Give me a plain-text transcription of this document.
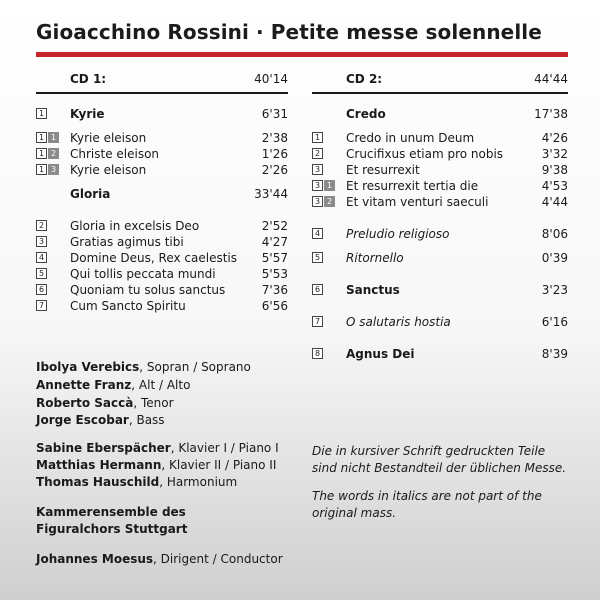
Gioacchino Rossini · Petite messe solennelle
CD 1:	40'14
1 Kyrie	6'31
1 1 Kyrie eleison	2'38
1 2 Christe eleison	1'26
1 3 Kyrie eleison	2'26
Gloria	33'44
2 Gloria in excelsis Deo	2'52
3 Gratias agimus tibi	4'27
4 Domine Deus, Rex caelestis 5'57
5 Qui tollis peccata mundi	5'53
6 Quoniam tu solus sanctus	7'36
7 Cum Sancto Spiritu	6'56
CD 2:	44'44
Credo	17'38
1 Credo in unum Deum	4'26
2 Crucifixus etiam pro nobis	3'32
3 Et resurrexit	9'38
3 1 Et resurrexit tertia die	4'53
3 2 Et vitam venturi saeculi	4'44
4 Preludio religioso	8'06
5 Ritornello	0'39
6 Sanctus	3'23
7 O salutaris hostia	6'16
8 Agnus Dei	8'39
Ibolya Verebics, Sopran / Soprano
Annette Franz, Alt / Alto
Roberto Saccà, Tenor
Jorge Escobar, Bass
Sabine Eberspächer, Klavier I / Piano I
Matthias Hermann, Klavier II / Piano II
Thomas Hauschild, Harmonium
Kammerensemble des
Figuralchors Stuttgart
Johannes Moesus, Dirigent / Conductor
Die in kursiver Schrift gedruckten Teile sind nicht Bestandteil der üblichen Messe.
The words in italics are not part of the original mass.
